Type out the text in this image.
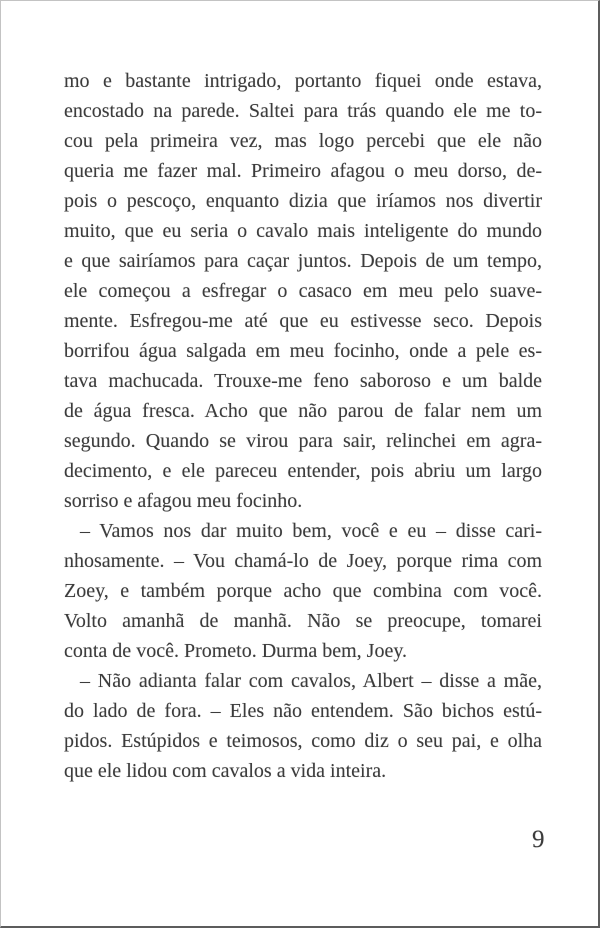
mo e bastante intrigado, portanto fiquei onde estava,
encostado na parede. Saltei para trás quando ele me to-
cou pela primeira vez, mas logo percebi que ele não
queria me fazer mal. Primeiro afagou o meu dorso, de-
pois o pescoço, enquanto dizia que iríamos nos divertir
muito, que eu seria o cavalo mais inteligente do mundo
e que sairíamos para caçar juntos. Depois de um tempo,
ele começou a esfregar o casaco em meu pelo suave-
mente. Esfregou-me até que eu estivesse seco. Depois
borrifou água salgada em meu focinho, onde a pele es-
tava machucada. Trouxe-me feno saboroso e um balde
de água fresca. Acho que não parou de falar nem um
segundo. Quando se virou para sair, relinchei em agra-
decimento, e ele pareceu entender, pois abriu um largo
sorriso e afagou meu focinho.
– Vamos nos dar muito bem, você e eu – disse cari-
nhosamente. – Vou chamá-lo de Joey, porque rima com
Zoey, e também porque acho que combina com você.
Volto amanhã de manhã. Não se preocupe, tomarei
conta de você. Prometo. Durma bem, Joey.
– Não adianta falar com cavalos, Albert – disse a mãe,
do lado de fora. – Eles não entendem. São bichos estú-
pidos. Estúpidos e teimosos, como diz o seu pai, e olha
que ele lidou com cavalos a vida inteira.
9
